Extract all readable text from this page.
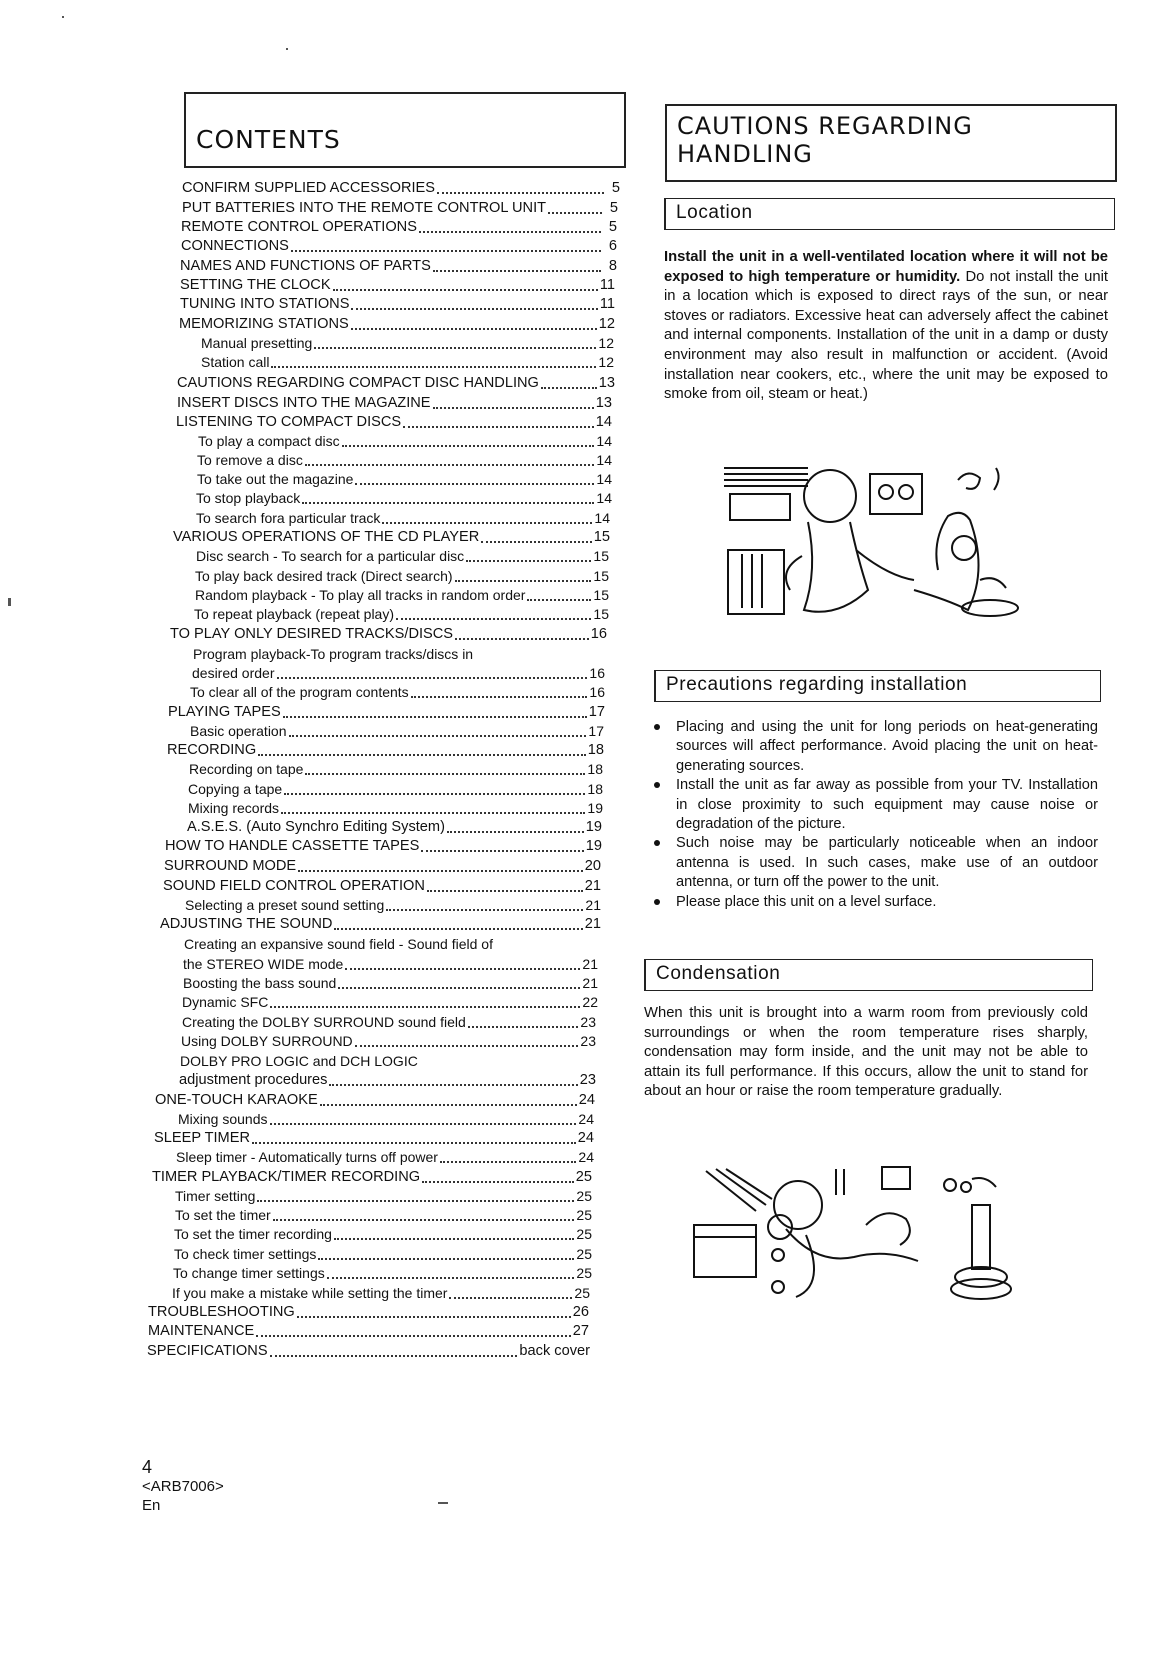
CONTENTS	CAUTIONS REGARDING HANDLING
CONFIRM SUPPLIED ACCESSORIES	5
PUT BATTERIES INTO THE REMOTE CONTROL UNIT	5
REMOTE CONTROL OPERATIONS	5
CONNECTIONS	6
NAMES AND FUNCTIONS OF PARTS	8
SETTING THE CLOCK	11
TUNING INTO STATIONS	11
MEMORIZING STATIONS	12
Manual presetting	12
Station call	12
CAUTIONS REGARDING COMPACT DISC HANDLING	13
INSERT DISCS INTO THE MAGAZINE	13
LISTENING TO COMPACT DISCS	14
To play a compact disc	14
To remove a disc	14
To take out the magazine	14
To stop playback	14
To search fora particular track	14
VARIOUS OPERATIONS OF THE CD PLAYER	15
Disc search - To search for a particular disc	15
To play back desired track (Direct search)	15
Random playback - To play all tracks in random order	15
To repeat playback (repeat play)	15
TO PLAY ONLY DESIRED TRACKS/DISCS	16
Program playback-To program tracks/discs in
desired order	16
To clear all of the program contents	16
PLAYING TAPES	17
Basic operation	17
RECORDING	18
Recording on tape	18
Copying a tape	18
Mixing records	19
A.S.E.S. (Auto Synchro Editing System)	19
HOW TO HANDLE CASSETTE TAPES	19
SURROUND MODE	20
SOUND FIELD CONTROL OPERATION	21
Selecting a preset sound setting	21
ADJUSTING THE SOUND	21
Creating an expansive sound field - Sound field of
the STEREO WIDE mode	21
Boosting the bass sound	21
Dynamic SFC	22
Creating the DOLBY SURROUND sound field	23
Using DOLBY SURROUND	23
DOLBY PRO LOGIC and DCH LOGIC
adjustment procedures	23
ONE-TOUCH KARAOKE	24
Mixing sounds	24
SLEEP TIMER	24
Sleep timer - Automatically turns off power	24
TIMER PLAYBACK/TIMER RECORDING	25
Timer setting	25
To set the timer	25
To set the timer recording	25
To check timer settings	25
To change timer settings	25
If you make a mistake while setting the timer	25
TROUBLESHOOTING	26
MAINTENANCE	27
SPECIFICATIONS	back cover
Location
Install the unit in a well-ventilated location where it will not be exposed to high temperature or humidity. Do not install the unit in a location which is exposed to direct rays of the sun, or near stoves or radiators. Excessive heat can adversely affect the cabinet and internal components. Installation of the unit in a damp or dusty environment may also result in malfunction or accident. (Avoid installation near cookers, etc., where the unit may be exposed to smoke from oil, steam or heat.)
Precautions regarding installation
Placing and using the unit for long periods on heat-generating sources will affect performance. Avoid placing the unit on heat-generating sources.
Install the unit as far away as possible from your TV. Installation in close proximity to such equipment may cause noise or degradation of the picture.
Such noise may be particularly noticeable when an indoor antenna is used. In such cases, make use of an outdoor antenna, or turn off the power to the unit.
Please place this unit on a level surface.
Condensation
When this unit is brought into a warm room from previously cold surroundings or when the room temperature rises sharply, condensation may form inside, and the unit may not be able to attain its full performance. If this occurs, allow the unit to stand for about an hour or raise the room temperature gradually.
4
<ARB7006>
En
